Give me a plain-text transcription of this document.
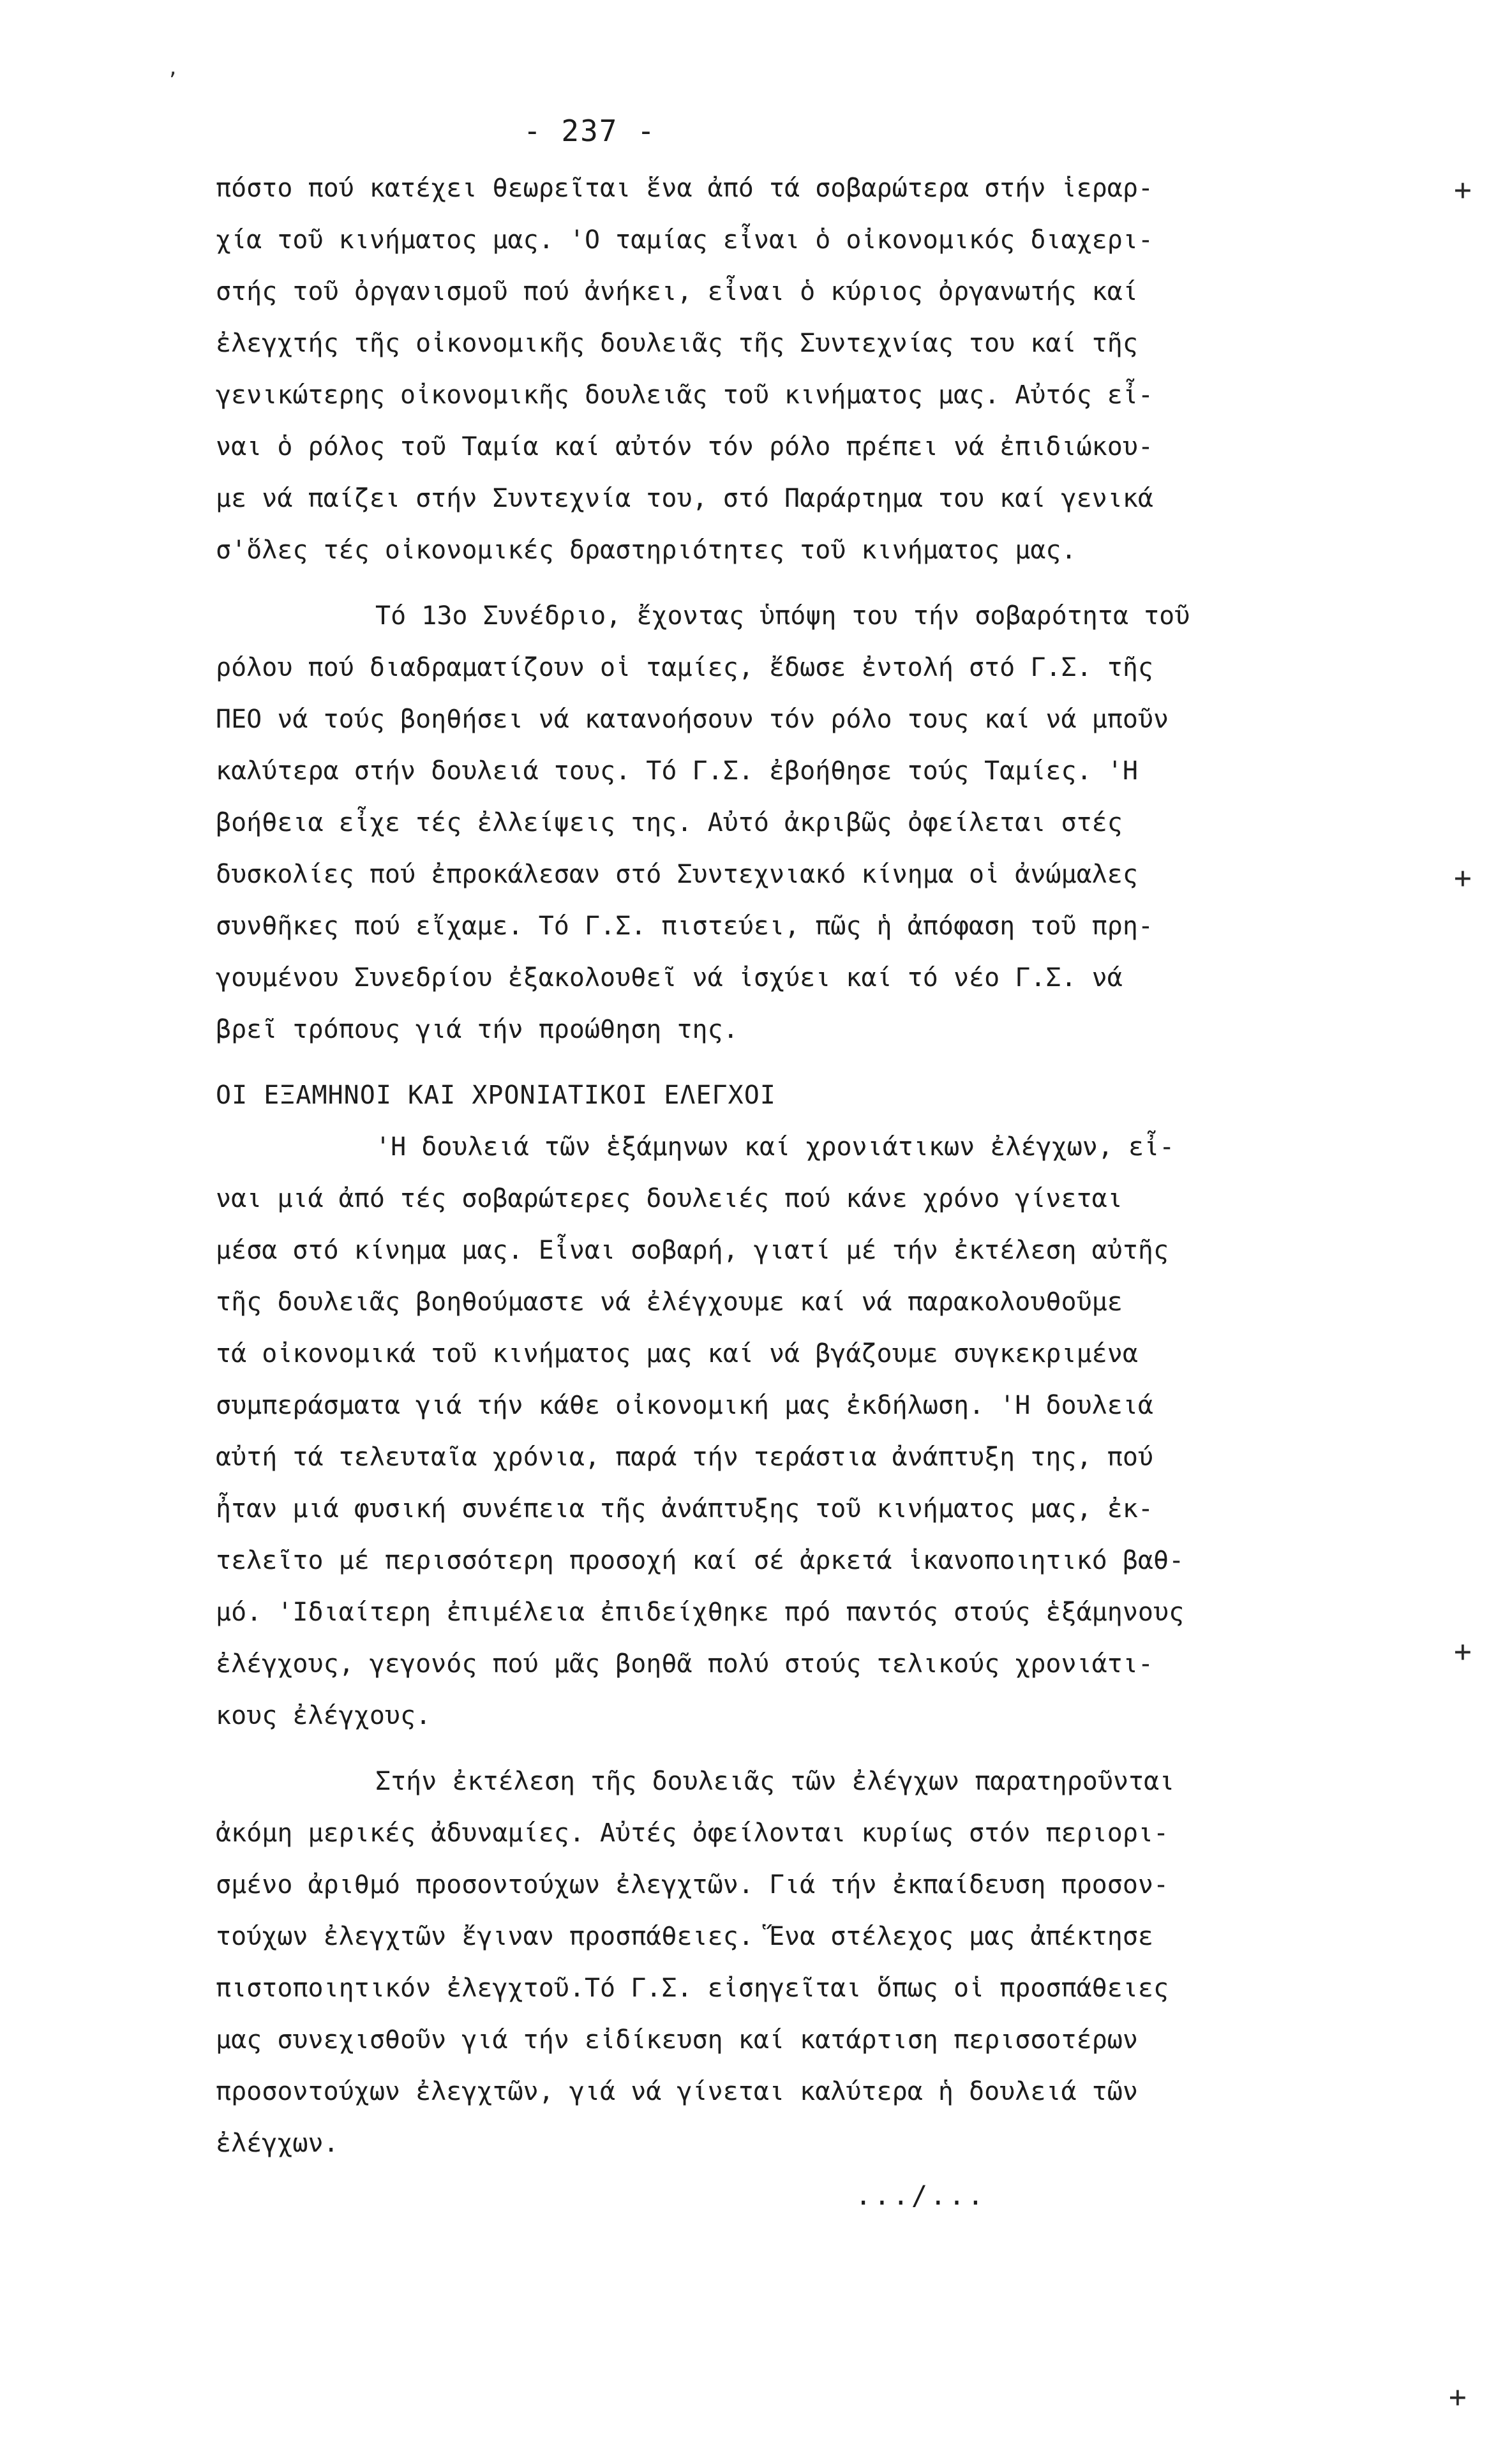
,
- 237 -
+
+
+
+
πόστο πού κατέχει θεωρεῖται ἕνα ἀπό τά σοβαρώτερα στήν ἱεραρ-
χία τοῦ κινήματος μας. 'Ο ταμίας εἶναι ὁ οἰκονομικός διαχερι-
στής τοῦ ὀργανισμοῦ πού ἀνήκει, εἶναι ὁ κύριος ὀργανωτής καί
ἐλεγχτής τῆς οἰκονομικῆς δουλειᾶς τῆς Συντεχνίας του καί τῆς
γενικώτερης οἰκονομικῆς δουλειᾶς τοῦ κινήματος μας. Αὐτός εἶ-
ναι ὁ ρόλος τοῦ Ταμία καί αὐτόν τόν ρόλο πρέπει νά ἐπιδιώκου-
με νά παίζει στήν Συντεχνία του, στό Παράρτημα του καί γενικά
σ'ὅλες τές οἰκονομικές δραστηριότητες τοῦ κινήματος μας.
Τό 13ο Συνέδριο, ἔχοντας ὑπόψη του τήν σοβαρότητα τοῦ
ρόλου πού διαδραματίζουν οἱ ταμίες, ἔδωσε ἐντολή στό Γ.Σ. τῆς
ΠΕΟ νά τούς βοηθήσει νά κατανοήσουν τόν ρόλο τους καί νά μποῦν
καλύτερα στήν δουλειά τους. Τό Γ.Σ. ἐβοήθησε τούς Ταμίες. 'Η
βοήθεια εἶχε τές ἐλλείψεις της. Αὐτό ἀκριβῶς ὀφείλεται στές
δυσκολίες πού ἐπροκάλεσαν στό Συντεχνιακό κίνημα οἱ ἀνώμαλες
συνθῆκες πού εἴχαμε. Τό Γ.Σ. πιστεύει, πῶς ἡ ἀπόφαση τοῦ πρη-
γουμένου Συνεδρίου ἐξακολουθεῖ νά ἰσχύει καί τό νέο Γ.Σ. νά
βρεῖ τρόπους γιά τήν προώθηση της.
ΟΙ ΕΞΑΜΗΝΟΙ ΚΑΙ ΧΡΟΝΙΑΤΙΚΟΙ ΕΛΕΓΧΟΙ
'Η δουλειά τῶν ἑξάμηνων καί χρονιάτικων ἐλέγχων, εἶ-
ναι μιά ἀπό τές σοβαρώτερες δουλειές πού κάνε χρόνο γίνεται
μέσα στό κίνημα μας. Εἶναι σοβαρή, γιατί μέ τήν ἐκτέλεση αὐτῆς
τῆς δουλειᾶς βοηθούμαστε νά ἐλέγχουμε καί νά παρακολουθοῦμε
τά οἰκονομικά τοῦ κινήματος μας καί νά βγάζουμε συγκεκριμένα
συμπεράσματα γιά τήν κάθε οἰκονομική μας ἐκδήλωση. 'Η δουλειά
αὐτή τά τελευταῖα χρόνια, παρά τήν τεράστια ἀνάπτυξη της, πού
ἦταν μιά φυσική συνέπεια τῆς ἀνάπτυξης τοῦ κινήματος μας, ἐκ-
τελεῖτο μέ περισσότερη προσοχή καί σέ ἀρκετά ἱκανοποιητικό βαθ-
μό. 'Ιδιαίτερη ἐπιμέλεια ἐπιδείχθηκε πρό παντός στούς ἑξάμηνους
ἐλέγχους, γεγονός πού μᾶς βοηθᾶ πολύ στούς τελικούς χρονιάτι-
κους ἐλέγχους.
Στήν ἐκτέλεση τῆς δουλειᾶς τῶν ἐλέγχων παρατηροῦνται
ἀκόμη μερικές ἀδυναμίες. Αὐτές ὀφείλονται κυρίως στόν περιορι-
σμένο ἀριθμό προσοντούχων ἐλεγχτῶν. Γιά τήν ἐκπαίδευση προσον-
τούχων ἐλεγχτῶν ἔγιναν προσπάθειες. Ἕνα στέλεχος μας ἀπέκτησε
πιστοποιητικόν ἐλεγχτοῦ.Τό Γ.Σ. εἰσηγεῖται ὅπως οἱ προσπάθειες
μας συνεχισθοῦν γιά τήν εἰδίκευση καί κατάρτιση περισσοτέρων
προσοντούχων ἐλεγχτῶν, γιά νά γίνεται καλύτερα ἡ δουλειά τῶν
ἐλέγχων.
.../...
